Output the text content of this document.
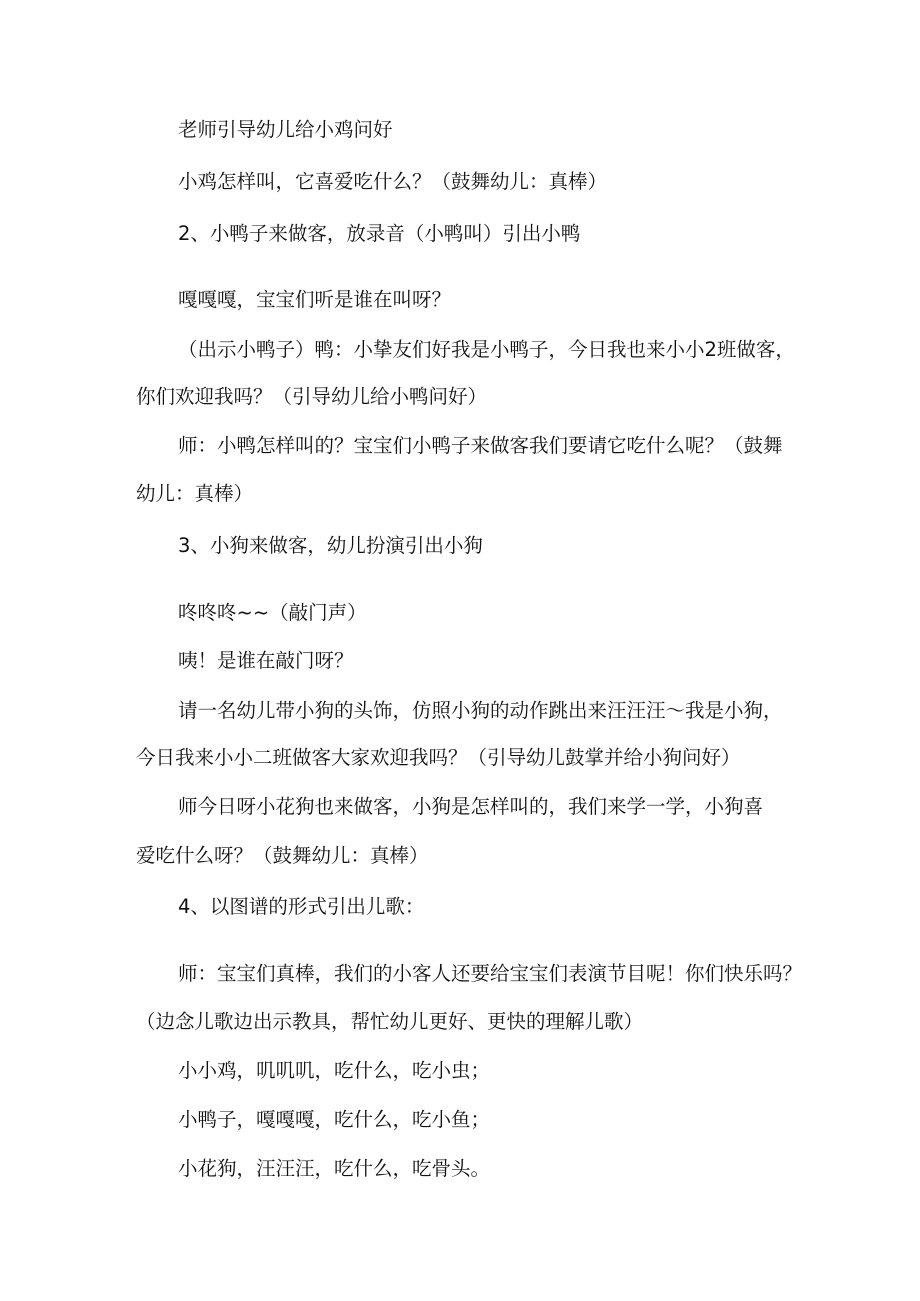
老师引导幼儿给小鸡问好
小鸡怎样叫，它喜爱吃什么？（鼓舞幼儿：真棒）
2、小鸭子来做客，放录音（小鸭叫）引出小鸭
嘎嘎嘎，宝宝们听是谁在叫呀？
（出示小鸭子）鸭：小挚友们好我是小鸭子，今日我也来小小2班做客，
你们欢迎我吗？（引导幼儿给小鸭问好）
师：小鸭怎样叫的？宝宝们小鸭子来做客我们要请它吃什么呢？（鼓舞
幼儿：真棒）
3、小狗来做客，幼儿扮演引出小狗
咚咚咚~~（敲门声）
咦！是谁在敲门呀？
请一名幼儿带小狗的头饰，仿照小狗的动作跳出来汪汪汪～我是小狗，
今日我来小小二班做客大家欢迎我吗？（引导幼儿鼓掌并给小狗问好）
师今日呀小花狗也来做客，小狗是怎样叫的，我们来学一学，小狗喜
爱吃什么呀？（鼓舞幼儿：真棒）
4、以图谱的形式引出儿歌：
师：宝宝们真棒，我们的小客人还要给宝宝们表演节目呢！你们快乐吗？
（边念儿歌边出示教具，帮忙幼儿更好、更快的理解儿歌）
小小鸡，叽叽叽，吃什么，吃小虫；
小鸭子，嘎嘎嘎，吃什么，吃小鱼；
小花狗，汪汪汪，吃什么，吃骨头。
